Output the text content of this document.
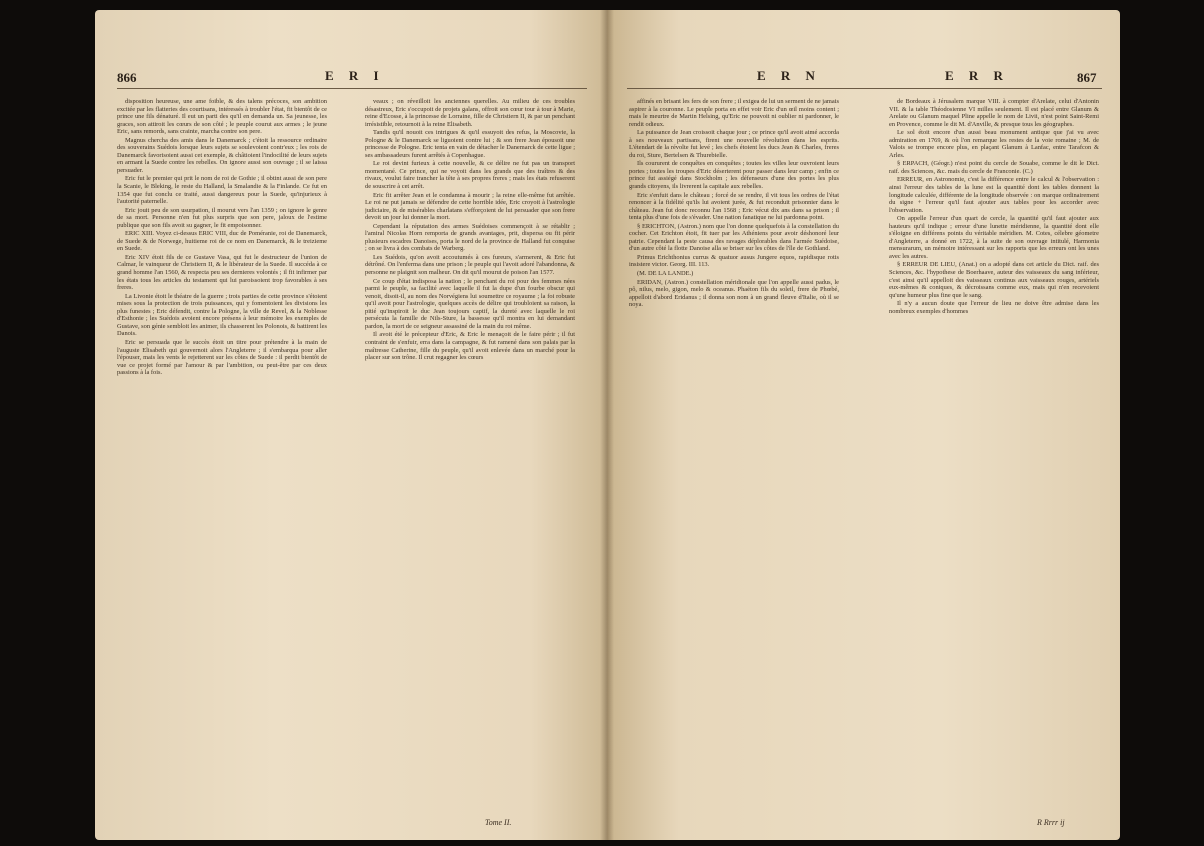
866	E R I

disposition heureuse, une ame foible, & des talens précoces, son ambition excitée par les flatteries des courtisans, intéressés à troubler l'état, fit bientôt de ce prince une fils dénaturé. Il eut un parti des qu'il en demanda un. Sa jeunesse, les graces, son attiroit les cœurs de son côté ; le peuple courut aux armes ; le jeune Eric, sans remords, sans crainte, marcha contre son pere.

Magnus chercha des amis dans le Danemarck ; c'étoit la ressource ordinaire des souverains Suédois lorsque leurs sujets se soulevoient contr'eux ; les rois de Danemarck favorisoient aussi cet exemple, & châtioient l'indocilité de leurs sujets en armant la Suede contre les rebelles. On ignore aussi son ouvrage ; il se laissa persuader.

Eric fut le premier qui prit le nom de roi de Gothie ; il obtint aussi de son pere la Scanie, le Bleking, le reste du Halland, la Smalandie & la Finlande. Ce fut en 1354 que fut conclu ce traité, aussi dangereux pour la Suede, qu'injurieux à l'autorité paternelle.

Eric jouit peu de son usurpation, il mourut vers l'an 1359 ; on ignore le genre de sa mort. Personne n'en fut plus surpris que son pere, jaloux de l'estime publique que son fils avoit su gagner, le fit empoisonner.

ERIC XIII. Voyez ci-dessus ERIC VIII, duc de Poméranie, roi de Danemarck, de Suede & de Norwege, huitieme roi de ce nom en Danemarck, & le treizieme en Suede.

Eric XIV étoit fils de ce Gustave Vasa, qui fut le destructeur de l'union de Calmar, le vainqueur de Christiern II, & le libérateur de la Suede. Il succéda à ce grand homme l'an 1560, & respecta peu ses dernieres volontés ; il fit infirmer par les états tous les articles du testament qui lui paroissoient trop favorables à ses freres.

La Livonie étoit le théatre de la guerre ; trois parties de cette province s'étoient mises sous la protection de trois puissances, qui y fomentoient les divisions les plus funestes ; Eric défendit, contre la Pologne, la ville de Revel, & la Noblesse d'Esthonie ; les Suédois avoient encore présens à leur mémoire les exemples de Gustave, son génie sembloit les animer, ils chasserent les Polonois, & battirent les Danois.

Eric se persuada que le succès étoit un titre pour prétendre à la main de l'auguste Elisabeth qui gouvernoit alors l'Angleterre ; il s'embarqua pour aller l'épouser, mais les vents le rejetterent sur les côtes de Suede : il perdit bientôt de vue ce projet formé par l'amour & par l'ambition, ou peut-être par ces deux passions à la fois.

veaux ; on réveilloit les anciennes querelles. Au milieu de ces troubles désastreux, Eric s'occupoit de projets galans, offroit son cœur tour à tour à Marie, reine d'Ecosse, à la princesse de Lorraine, fille de Christiern II, & par un penchant irrésistible, retournoit à la reine Elisabeth.

Tandis qu'il nouoit ces intrigues & qu'il essuyoit des refus, la Moscovie, la Pologne & le Danemarck se liguoient contre lui ; & son frere Jean épousoit une princesse de Pologne. Eric tenta en vain de détacher le Danemarck de cette ligue ; ses ambassadeurs furent arrêtés à Copenhague.

Le roi devint furieux à cette nouvelle, & ce délire ne fut pas un transport momentané. Ce prince, qui ne voyoit dans les grands que des traîtres & des rivaux, voulut faire trancher la tête à ses propres freres ; mais les états refuserent de souscrire à cet arrêt.

Eric fit arrêter Jean et le condamna à mourir ; la reine elle-même fut arrêtée. Le roi ne put jamais se défendre de cette horrible idée, Eric croyoit à l'astrologie judiciaire, & de misérables charlatans s'efforçoient de lui persuader que son frere devoit un jour lui donner la mort.

Cependant la réputation des armes Suédoises commençoit à se rétablir ; l'amiral Nicolas Horn remporta de grands avantages, prit, dispersa ou fit périr plusieurs escadres Danoises, porta le nord de la province de Halland fut conquise ; on se livra à des combats de Warberg.

Les Suédois, qu'on avoit accoutumés à ces fureurs, s'armerent, & Eric fut détrôné. On l'enferma dans une prison ; le peuple qui l'avoit adoré l'abandonna, & personne ne plaignit son malheur. On dit qu'il mourut de poison l'an 1577.

Ce coup d'état indisposa la nation ; le penchant du roi pour des femmes nées parmi le peuple, sa facilité avec laquelle il fut la dupe d'un fourbe obscur qui venoit, disoit-il, au nom des Norvégiens lui soumettre ce royaume ; la foi robuste qu'il avoit pour l'astrologie, quelques accès de délire qui troubloient sa raison, la pitié qu'inspiroit le duc Jean toujours captif, la dureté avec laquelle le roi persécuta la famille de Nils-Sture, la bassesse qu'il montra en lui demandant pardon, la mort de ce seigneur assassiné de la main du roi même.

Il avoit été le précepteur d'Eric, & Eric le menaçoit de le faire périr ; il fut contraint de s'enfuir, erra dans la campagne, & fut ramené dans son palais par la maîtresse Catherine, fille du peuple, qu'il avoit enlevée dans un marché pour la placer sur son trône. Il crut regagner les cœurs

Tome II.
E R N	E R R	867

affinés en brisant les fers de son frere ; il exigea de lui un serment de ne jamais aspirer à la couronne. Le peuple porta en effet voir Eric d'un œil moins content ; mais le meurtre de Martin Helsing, qu'Eric ne pouvoit ni oublier ni pardonner, le rendit odieux.

La puissance de Jean croissoit chaque jour ; ce prince qu'il avoit aimé accorda à ses nouveaux partisans, firent une nouvelle révolution dans les esprits. L'étendart de la révolte fut levé ; les chefs étoient les ducs Jean & Charles, freres du roi, Sture, Bertelsen & Thurebielle.

Ils coururent de conquêtes en conquêtes ; toutes les villes leur ouvroient leurs portes ; toutes les troupes d'Eric déserterent pour passer dans leur camp ; enfin ce prince fut assiégé dans Stockholm ; les défenseurs d'une des portes les plus grands citoyens, ils livrerent la capitale aux rebelles.

Eric s'enfuit dans le château ; forcé de se rendre, il vit tous les ordres de l'état renoncer à la fidélité qu'ils lui avoient jurée, & fut reconduit prisonnier dans le château. Jean fut donc reconnu l'an 1568 ; Eric vécut dix ans dans sa prison ; il tenta plus d'une fois de s'évader. Une nation fanatique ne lui pardonna point.

§ ERICHTON, (Astron.) nom que l'on donne quelquefois à la constellation du cocher. Cet Erichton étoit, fit tuer par les Athéniens pour avoir déshonoré leur patrie. Cependant la peste causa des ravages déplorables dans l'armée Suédoise, d'un autre côté la flotte Danoise alla se briser sur les côtes de l'île de Gothland.

Primus Erichthonius currus & quatuor ausus Jungere equos, rapidisque rotis insistere victor. Georg. III. 113.

(M. DE LA LANDE.)

ERIDAN, (Astron.) constellation méridionale que l'on appelle aussi padus, le pô, nilus, melo, gigon, melo & oceanus. Phaéton fils du soleil, frere de Phœbé, appelloit d'abord Eridanus ; il donna son nom à un grand fleuve d'Italie, où il se noya.

de Bordeaux à Jérusalem marque VIII. à compter d'Arelate, celui d'Antonin VII. & la table Théodosienne VI milles seulement. Il est placé entre Glanum & Arelate ou Glanum maquel Pline appelle le nom de Livii, n'est point Saint-Remi en Provence, comme le dit M. d'Anville, & presque tous les géographes.

Le sol étoit encore d'un aussi beau monument antique que j'ai vu avec admiration en 1769, & où l'on remarque les restes de la voie romaine ; M. de Valois se trompe encore plus, en plaçant Glanum à Lanfac, entre Tarafcon & Arles.

§ ERPACH, (Géogr.) n'est point du cercle de Souabe, comme le dit le Dict. raif. des Sciences, &c. mais du cercle de Franconie. (C.)

ERREUR, en Astronomie, c'est la différence entre le calcul & l'observation : ainsi l'erreur des tables de la lune est la quantité dont les tables donnent la longitude calculée, différente de la longitude observée : on marque ordinairement du signe + l'erreur qu'il faut ajouter aux tables pour les accorder avec l'observation.

On appelle l'erreur d'un quart de cercle, la quantité qu'il faut ajouter aux hauteurs qu'il indique ; erreur d'une lunette méridienne, la quantité dont elle s'éloigne en différens points du véritable méridien. M. Cotes, célebre géometre d'Angleterre, a donné en 1722, à la suite de son ouvrage intitulé, Harmonia mensurarum, un mémoire intéressant sur les rapports que les erreurs ont les unes avec les autres.

§ ERREUR DE LIEU, (Anat.) on a adopté dans cet article du Dict. raif. des Sciences, &c. l'hypothese de Boerhaave, auteur des vaisseaux du sang inférieur, c'est ainsi qu'il appelloit des vaisseaux continus aux vaisseaux rouges, artériels eux-mêmes & coniques, & décroissans comme eux, mais qui n'en recevoient qu'une humeur plus fine que le sang.

Il n'y a aucun doute que l'erreur de lieu ne doive être admise dans les nombreux exemples d'hommes

R Rrrr ij
